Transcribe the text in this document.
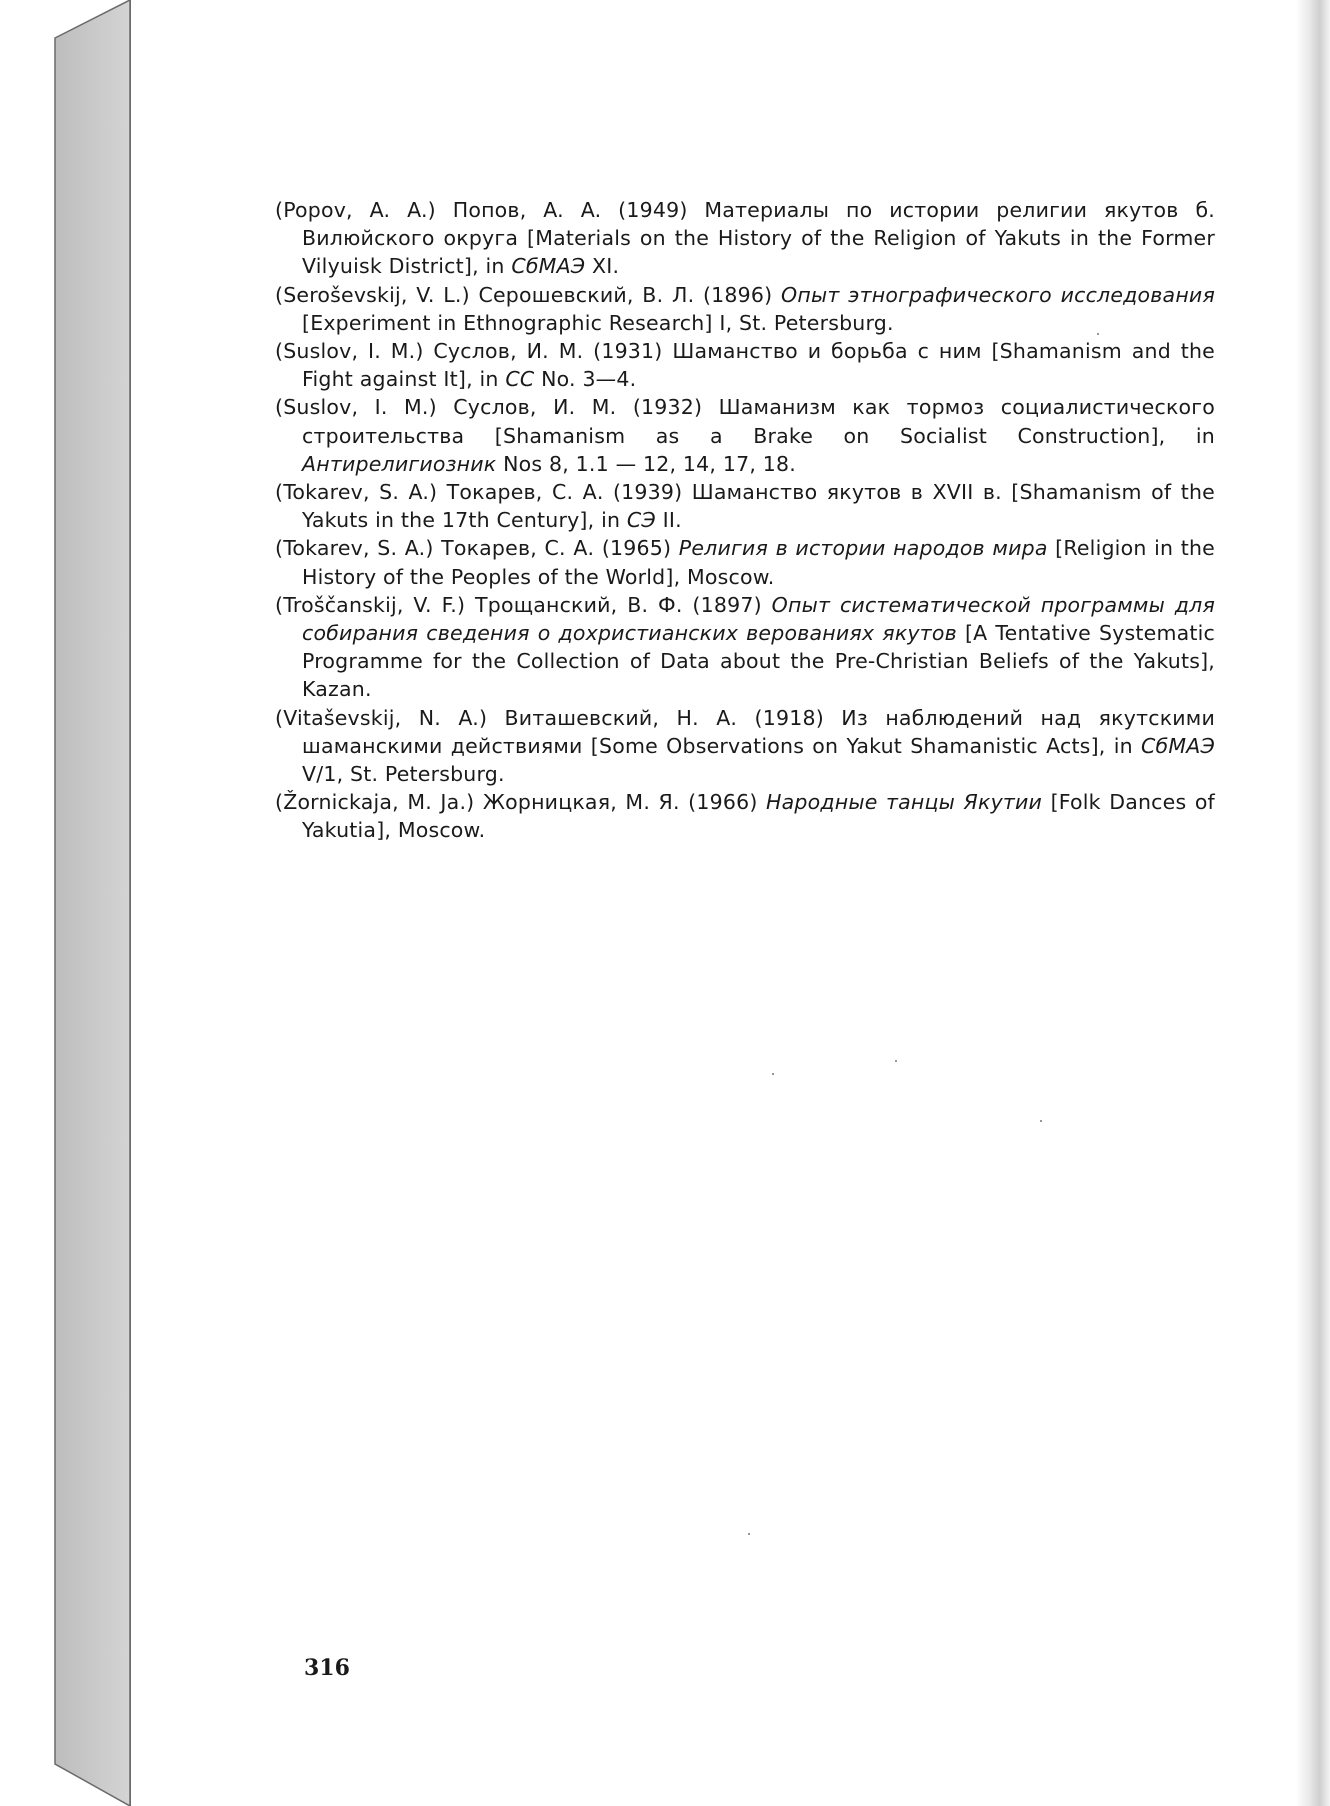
(Popov, A. A.) Попов, A. A. (1949) Материалы по истории религии якутов б. Вилюйского округа [Materials on the History of the Religion of Yakuts in the Former Vilyuisk District], in СбМАЭ XI.

(Seroševskij, V. L.) Серошевский, В. Л. (1896) Опыт этнографического исследования [Experiment in Ethnographic Research] I, St. Petersburg.

(Suslov, I. M.) Суслов, И. М. (1931) Шаманство и борьба с ним [Shamanism and the Fight against It], in СС No. 3—4.

(Suslov, I. M.) Суслов, И. М. (1932) Шаманизм как тормоз социалистического строительства [Shamanism as a Brake on Socialist Construction], in Антирелигиозник Nos 8, 1.1 — 12, 14, 17, 18.

(Tokarev, S. A.) Токарев, С. А. (1939) Шаманство якутов в XVII в. [Shamanism of the Yakuts in the 17th Century], in СЭ II.

(Tokarev, S. A.) Токарев, С. А. (1965) Религия в истории народов мира [Religion in the History of the Peoples of the World], Moscow.

(Troščanskij, V. F.) Трощанский, В. Ф. (1897) Опыт систематической программы для собирания сведения о дохристианских верованиях якутов [A Tentative Systematic Programme for the Collection of Data about the Pre-Christian Beliefs of the Yakuts], Kazan.

(Vitaševskij, N. A.) Виташевский, Н. А. (1918) Из наблюдений над якутскими шаманскими действиями [Some Observations on Yakut Shamanistic Acts], in СбМАЭ V/1, St. Petersburg.

(Žornickaja, M. Ja.) Жорницкая, М. Я. (1966) Народные танцы Якутии [Folk Dances of Yakutia], Moscow.

316
